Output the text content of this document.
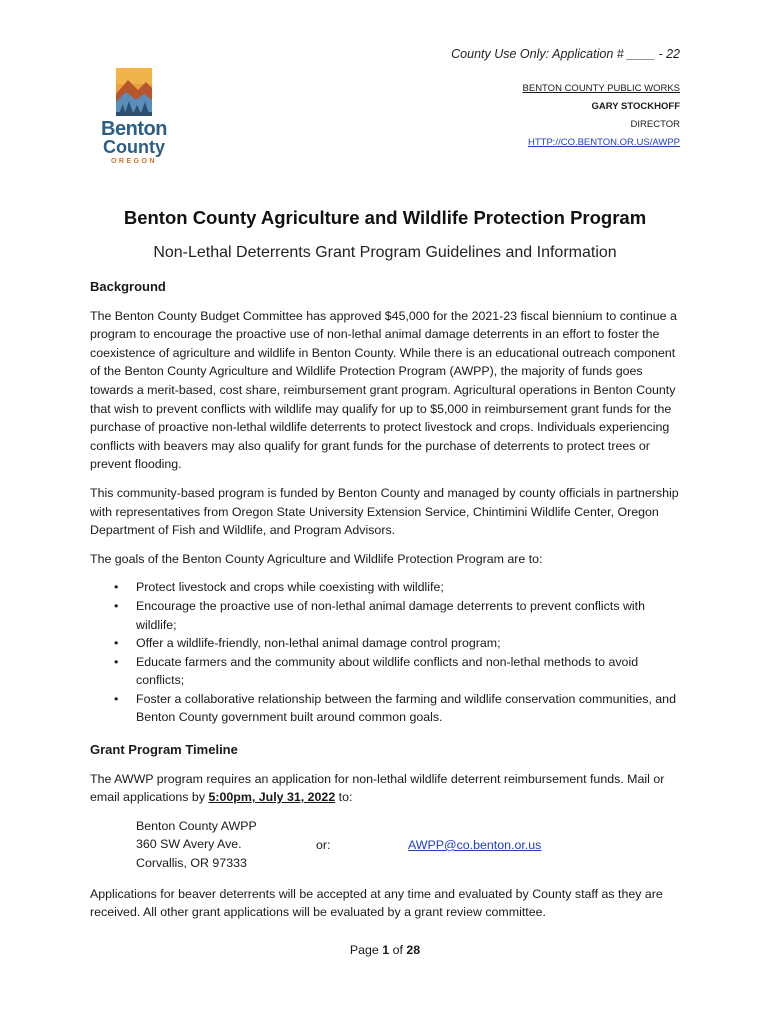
County Use Only: Application # ____ - 22
Benton
County
OREGON
BENTON COUNTY PUBLIC WORKS
GARY STOCKHOFF
DIRECTOR
HTTP://CO.BENTON.OR.US/AWPP
Benton County Agriculture and Wildlife Protection Program
Non-Lethal Deterrents Grant Program Guidelines and Information
Background

The Benton County Budget Committee has approved $45,000 for the 2021-23 fiscal biennium to continue a program to encourage the proactive use of non-lethal animal damage deterrents in an effort to foster the coexistence of agriculture and wildlife in Benton County. While there is an educational outreach component of the Benton County Agriculture and Wildlife Protection Program (AWPP), the majority of funds goes towards a merit-based, cost share, reimbursement grant program. Agricultural operations in Benton County that wish to prevent conflicts with wildlife may qualify for up to $5,000 in reimbursement grant funds for the purchase of proactive non-lethal wildlife deterrents to protect livestock and crops. Individuals experiencing conflicts with beavers may also qualify for grant funds for the purchase of deterrents to protect trees or prevent flooding.

This community-based program is funded by Benton County and managed by county officials in partnership with representatives from Oregon State University Extension Service, Chintimini Wildlife Center, Oregon Department of Fish and Wildlife, and Program Advisors.

The goals of the Benton County Agriculture and Wildlife Protection Program are to:

• Protect livestock and crops while coexisting with wildlife;
• Encourage the proactive use of non-lethal animal damage deterrents to prevent conflicts with wildlife;
• Offer a wildlife-friendly, non-lethal animal damage control program;
• Educate farmers and the community about wildlife conflicts and non-lethal methods to avoid conflicts;
• Foster a collaborative relationship between the farming and wildlife conservation communities, and Benton County government built around common goals.
Grant Program Timeline

The AWWP program requires an application for non-lethal wildlife deterrent reimbursement funds. Mail or email applications by 5:00pm, July 31, 2022 to:

Benton County AWPP
360 SW Avery Ave.
Corvallis, OR 97333
or:	AWPP@co.benton.or.us

Applications for beaver deterrents will be accepted at any time and evaluated by County staff as they are received. All other grant applications will be evaluated by a grant review committee.

Page 1 of 28
